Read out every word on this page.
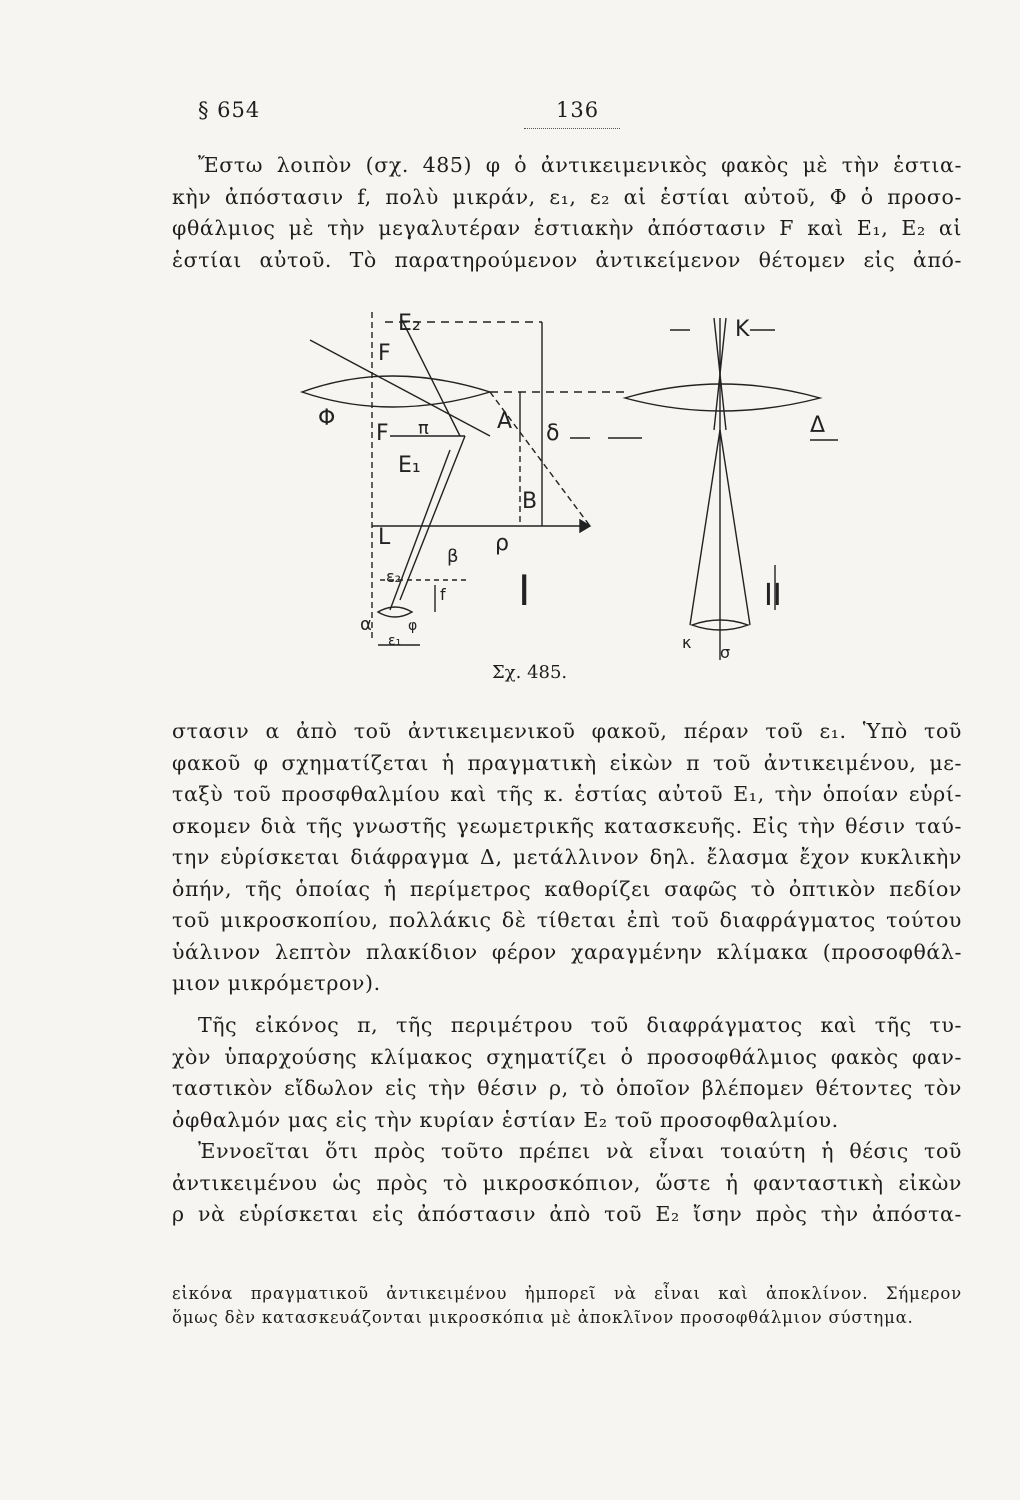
§ 654	136
Ἔστω λοιπὸν (σχ. 485) φ ὁ ἀντικειμενικὸς φακὸς μὲ τὴν ἑστια-
κὴν ἀπόστασιν f, πολὺ μικράν, ε₁, ε₂ αἱ ἑστίαι αὐτοῦ, Φ ὁ προσο-
φθάλμιος μὲ τὴν μεγαλυτέραν ἑστιακὴν ἀπόστασιν F καὶ E₁, E₂ αἱ
ἑστίαι αὐτοῦ. Τὸ παρατηρούμενον ἀντικείμενον θέτομεν εἰς ἀπό-
E₂
F
Φ
F π	A δ
E₁
B
L	ρ
β
ε₂
f
φ
α
ε₁
I
K
Δ
II
κ
σ
Σχ. 485.
στασιν α ἀπὸ τοῦ ἀντικειμενικοῦ φακοῦ, πέραν τοῦ ε₁. Ὑπὸ τοῦ
φακοῦ φ σχηματίζεται ἡ πραγματικὴ εἰκὼν π τοῦ ἀντικειμένου, με-
ταξὺ τοῦ προσφθαλμίου καὶ τῆς κ. ἑστίας αὐτοῦ E₁, τὴν ὁποίαν εὑρί-
σκομεν διὰ τῆς γνωστῆς γεωμετρικῆς κατασκευῆς. Εἰς τὴν θέσιν ταύ-
την εὑρίσκεται διάφραγμα Δ, μετάλλινον δηλ. ἔλασμα ἔχον κυκλικὴν
ὀπήν, τῆς ὁποίας ἡ περίμετρος καθορίζει σαφῶς τὸ ὀπτικὸν πεδίον
τοῦ μικροσκοπίου, πολλάκις δὲ τίθεται ἐπὶ τοῦ διαφράγματος τούτου
ὑάλινον λεπτὸν πλακίδιον φέρον χαραγμένην κλίμακα (προσοφθάλ-
μιον μικρόμετρον).
Τῆς εἰκόνος π, τῆς περιμέτρου τοῦ διαφράγματος καὶ τῆς τυ-
χὸν ὑπαρχούσης κλίμακος σχηματίζει ὁ προσοφθάλμιος φακὸς φαν-
ταστικὸν εἴδωλον εἰς τὴν θέσιν ρ, τὸ ὁποῖον βλέπομεν θέτοντες τὸν
ὀφθαλμόν μας εἰς τὴν κυρίαν ἑστίαν E₂ τοῦ προσοφθαλμίου.
Ἐννοεῖται ὅτι πρὸς τοῦτο πρέπει νὰ εἶναι τοιαύτη ἡ θέσις τοῦ
ἀντικειμένου ὡς πρὸς τὸ μικροσκόπιον, ὥστε ἡ φανταστικὴ εἰκὼν
ρ νὰ εὑρίσκεται εἰς ἀπόστασιν ἀπὸ τοῦ E₂ ἴσην πρὸς τὴν ἀπόστα-
εἰκόνα πραγματικοῦ ἀντικειμένου ἠμπορεῖ νὰ εἶναι καὶ ἀποκλίνον. Σήμερον
ὅμως δὲν κατασκευάζονται μικροσκόπια μὲ ἀποκλῖνον προσοφθάλμιον σύστημα.
